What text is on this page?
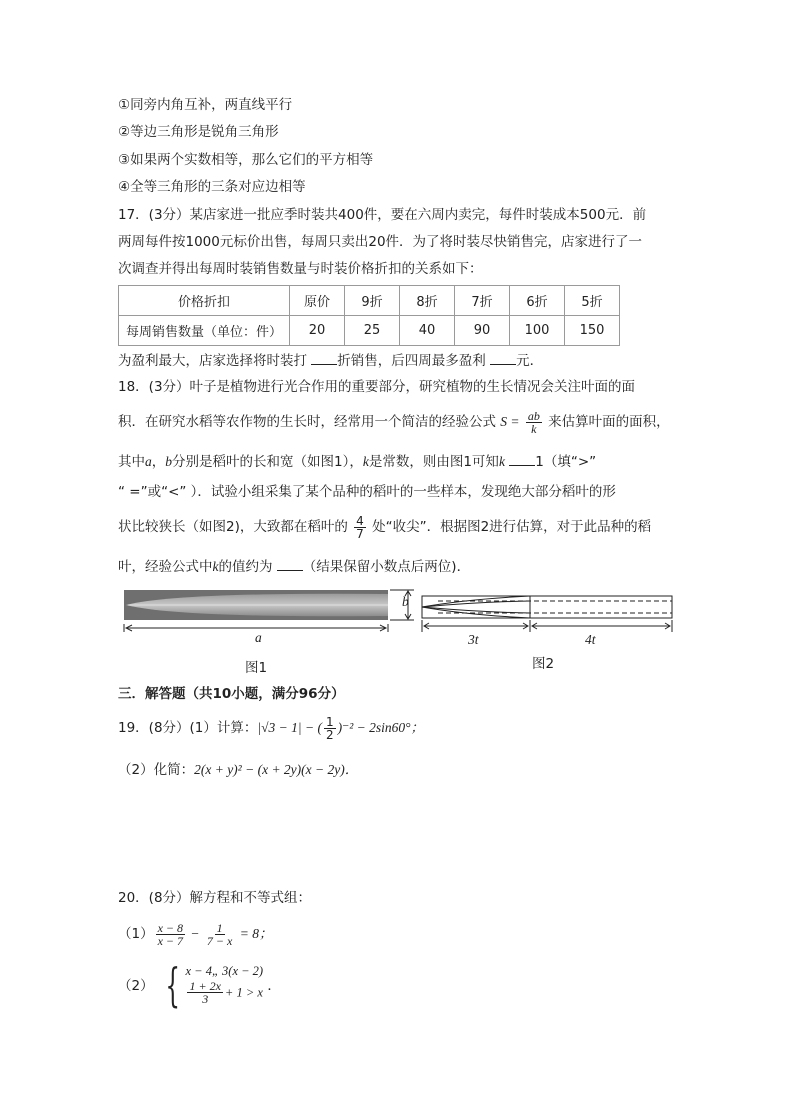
①同旁内角互补，两直线平行
②等边三角形是锐角三角形
③如果两个实数相等，那么它们的平方相等
④全等三角形的三条对应边相等
17．(3分）某店家进一批应季时装共400件，要在六周内卖完，每件时装成本500元．前
两周每件按1000元标价出售，每周只卖出20件．为了将时装尽快销售完，店家进行了一
次调查并得出每周时装销售数量与时装价格折扣的关系如下：
价格折扣	原价	9折	8折	7折	6折	5折
每周销售数量（单位：件）	20	25	40	90	100	150
为盈利最大，店家选择将时装打 折销售，后四周最多盈利 元．
18．(3分）叶子是植物进行光合作用的重要部分，研究植物的生长情况会关注叶面的面
积．在研究水稻等农作物的生长时，经常用一个简洁的经验公式 $S = \frac{ab}{k}$ 来估算叶面的面积，
其中a，b分别是稻叶的长和宽（如图1），k是常数，则由图1可知k 1（填“>”
“ =”或“<” ）．试验小组采集了某个品种的稻叶的一些样本，发现绝大部分稻叶的形
状比较狭长（如图2)，大致都在稻叶的 $\frac{4}{7}$ 处“收尖”．根据图2进行估算，对于此品种的稻
叶，经验公式中k的值约为 （结果保留小数点后两位)．
b
a
图1
3t	4t
图2
三．解答题（共10小题，满分96分）
19．(8分）(1）计算：|√3 − 1| − ( $\frac{1}{2} )^{-2} - 2\sin 60^\circ$；
（2）化简：2(x + y)² − (x + 2y)(x − 2y)．
20．(8分）解方程和不等式组：
$(1) \frac{x - 8}{x - 7} - \frac{1}{7 - x} = 8$；
（2） { x − 4„ 3(x − 2)
$\frac{1 + 2x}{3} + 1 > x$ ．
